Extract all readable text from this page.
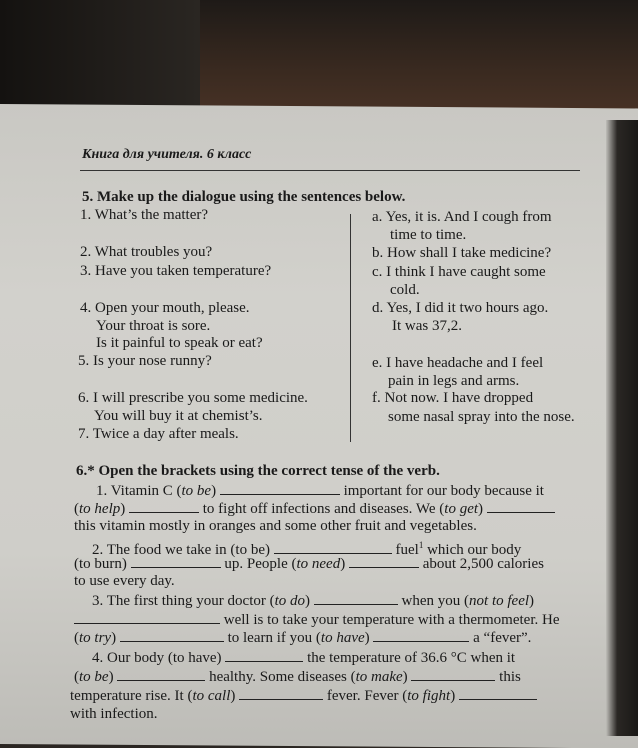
Книга для учителя. 6 класс
5. Make up the dialogue using the sentences below.
1. What’s the matter?
2. What troubles you?
3. Have you taken temperature?
4. Open your mouth, please.
Your throat is sore.
Is it painful to speak or eat?
5. Is your nose runny?
6. I will prescribe you some medicine.
You will buy it at chemist’s.
7. Twice a day after meals.
a. Yes, it is. And I cough from
time to time.
b. How shall I take medicine?
c. I think I have caught some
cold.
d. Yes, I did it two hours ago.
It was 37,2.
e. I have headache and I feel
pain in legs and arms.
f. Not now. I have dropped
some nasal spray into the nose.
6.* Open the brackets using the correct tense of the verb.
1. Vitamin C (to be)	important for our body because it
(to help)	to fight off infections and diseases. We (to get)
this vitamin mostly in oranges and some other fruit and vegetables.
2. The food we take in (to be)	fuel$^1$ which our body
(to burn)	up. People (to need)	about 2,500 calories
to use every day.
3. The first thing your doctor (to do)	when you (not to feel)
well is to take your temperature with a thermometer. He
(to try)	to learn if you (to have)	a “fever”.
4. Our body (to have)	the temperature of 36.6 °C when it
(to be)	healthy. Some diseases (to make)	this
temperature rise. It (to call)	fever. Fever (to fight)
with infection.
